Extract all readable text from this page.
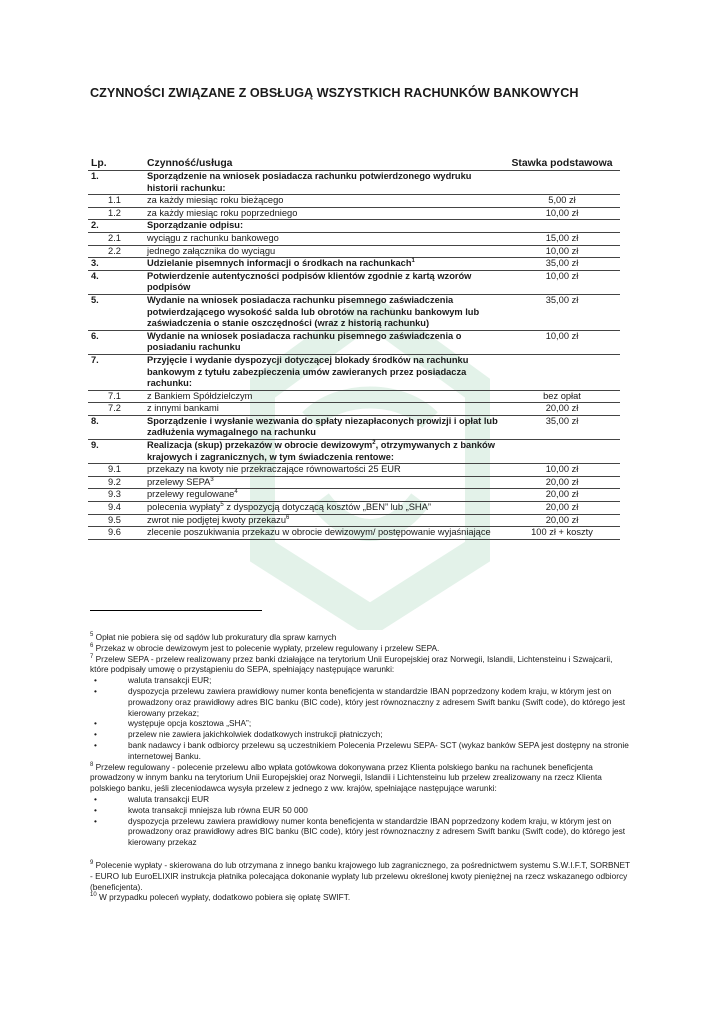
CZYNNOŚCI ZWIĄZANE Z OBSŁUGĄ WSZYSTKICH RACHUNKÓW BANKOWYCH
Lp.	Czynność/usługa	Stawka podstawowa
1.	Sporządzenie na wniosek posiadacza rachunku potwierdzonego wydruku historii rachunku:	
1.1	za każdy miesiąc roku bieżącego	5,00 zł
1.2	za każdy miesiąc roku poprzedniego	10,00 zł
2.	Sporządzanie odpisu:	
2.1	wyciągu z rachunku bankowego	15,00 zł
2.2	jednego załącznika do wyciągu	10,00 zł
3.	Udzielanie pisemnych informacji o środkach na rachunkach$^1$	35,00 zł
4.	Potwierdzenie autentyczności podpisów klientów zgodnie z kartą wzorów podpisów	10,00 zł
5.	Wydanie na wniosek posiadacza rachunku pisemnego zaświadczenia potwierdzającego wysokość salda lub obrotów na rachunku bankowym lub zaświadczenia o stanie oszczędności (wraz z historią rachunku)	35,00 zł
6.	Wydanie na wniosek posiadacza rachunku pisemnego zaświadczenia o posiadaniu rachunku	10,00 zł
7.	Przyjęcie i wydanie dyspozycji dotyczącej blokady środków na rachunku bankowym z tytułu zabezpieczenia umów zawieranych przez posiadacza rachunku:	
7.1	z Bankiem Spółdzielczym	bez opłat
7.2	z innymi bankami	20,00 zł
8.	Sporządzenie i wysłanie wezwania do spłaty niezapłaconych prowizji i opłat lub zadłużenia wymagalnego na rachunku	35,00 zł
9.	Realizacja (skup) przekazów w obrocie dewizowym$^2$, otrzymywanych z banków krajowych i zagranicznych, w tym świadczenia rentowe:	
9.1	przekazy na kwoty nie przekraczające równowartości 25 EUR	10,00 zł
9.2	przelewy SEPA$^3$	20,00 zł
9.3	przelewy regulowane$^4$	20,00 zł
9.4	polecenia wypłaty$^5$ z dyspozycją dotyczącą kosztów „BEN” lub „SHA”	20,00 zł
9.5	zwrot nie podjętej kwoty przekazu$^6$	20,00 zł
9.6	zlecenie poszukiwania przekazu w obrocie dewizowym/ postępowanie wyjaśniające	100 zł + koszty

$^5$ Opłat nie pobiera się od sądów lub prokuratury dla spraw karnych

$^6$ Przekaz w obrocie dewizowym jest to polecenie wypłaty, przelew regulowany i przelew SEPA.

$^7$ Przelew SEPA - przelew realizowany przez banki działające na terytorium Unii Europejskiej oraz Norwegii, Islandii, Lichtensteinu i Szwajcarii, które podpisały umowę o przystąpieniu do SEPA, spełniający następujące warunki:

• waluta transakcji EUR;
• dyspozycja przelewu zawiera prawidłowy numer konta beneficjenta w standardzie IBAN poprzedzony kodem kraju, w którym jest on prowadzony oraz prawidłowy adres BIC banku (BIC code), który jest równoznaczny z adresem Swift banku (Swift code), do którego jest kierowany przekaz;
• występuje opcja kosztowa „SHA”;
• przelew nie zawiera jakichkolwiek dodatkowych instrukcji płatniczych;
• bank nadawcy i bank odbiorcy przelewu są uczestnikiem Polecenia Przelewu SEPA- SCT (wykaz banków SEPA jest dostępny na stronie internetowej Banku.

$^8$ Przelew regulowany - polecenie przelewu albo wpłata gotówkowa dokonywana przez Klienta polskiego banku na rachunek beneficjenta prowadzony w innym banku na terytorium Unii Europejskiej oraz Norwegii, Islandii i Lichtensteinu lub przelew zrealizowany na rzecz Klienta polskiego banku, jeśli zleceniodawca wysyła przelew z jednego z ww. krajów, spełniające następujące warunki:

• waluta transakcji EUR
• kwota transakcji mniejsza lub równa EUR 50 000
• dyspozycja przelewu zawiera prawidłowy numer konta beneficjenta w standardzie IBAN poprzedzony kodem kraju, w którym jest on prowadzony oraz prawidłowy adres BIC banku (BIC code), który jest równoznaczny z adresem Swift banku (Swift code), do którego jest kierowany przekaz

$^9$ Polecenie wypłaty - skierowana do lub otrzymana z innego banku krajowego lub zagranicznego, za pośrednictwem systemu S.W.I.F.T, SORBNET - EURO lub EuroELIXIR instrukcja płatnika polecająca dokonanie wypłaty lub przelewu określonej kwoty pieniężnej na rzecz wskazanego odbiorcy (beneficjenta).

$^{10}$ W przypadku poleceń wypłaty, dodatkowo pobiera się opłatę SWIFT.
